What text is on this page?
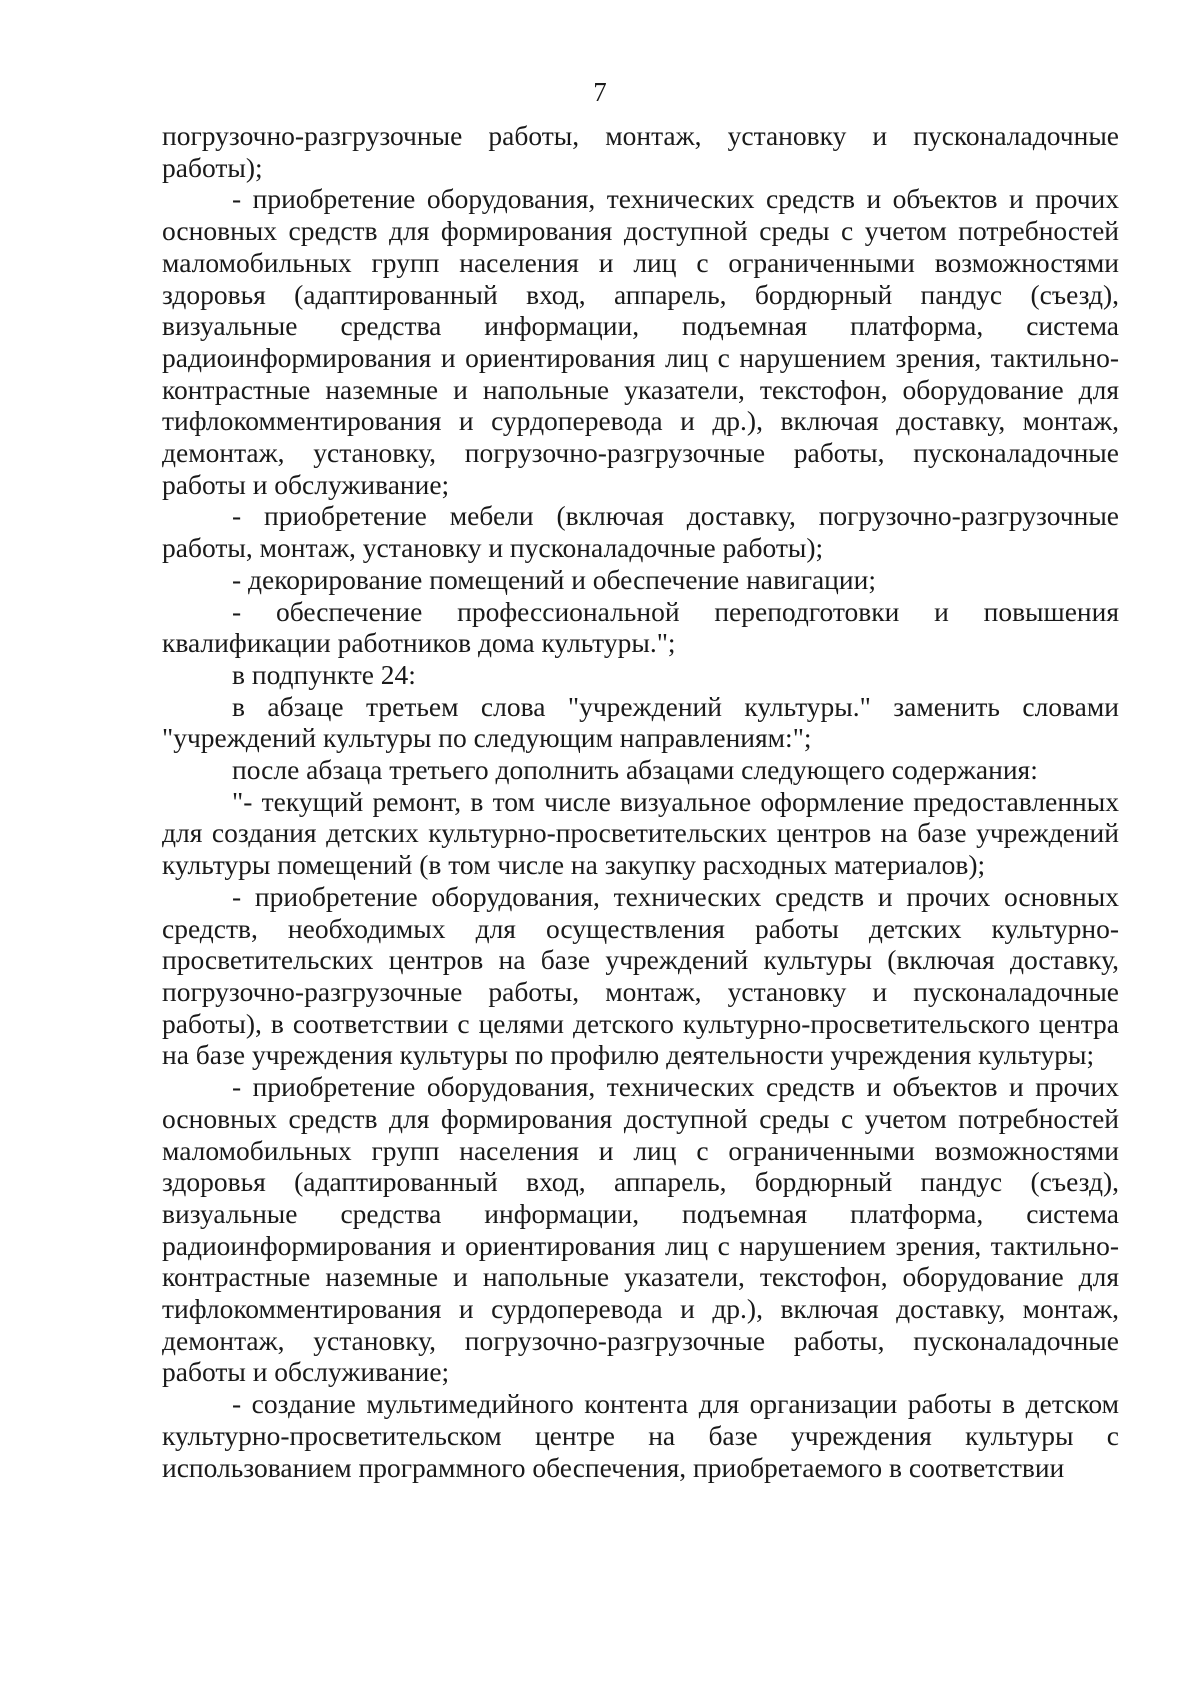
7

погрузочно-разгрузочные работы, монтаж, установку и пусконаладочные работы);

- приобретение оборудования, технических средств и объектов и прочих основных средств для формирования доступной среды с учетом потребностей маломобильных групп населения и лиц с ограниченными возможностями здоровья (адаптированный вход, аппарель, бордюрный пандус (съезд), визуальные средства информации, подъемная платформа, система радиоинформирования и ориентирования лиц с нарушением зрения, тактильно-контрастные наземные и напольные указатели, текстофон, оборудование для тифлокомментирования и сурдоперевода и др.), включая доставку, монтаж, демонтаж, установку, погрузочно-разгрузочные работы, пусконаладочные работы и обслуживание;

- приобретение мебели (включая доставку, погрузочно-разгрузочные работы, монтаж, установку и пусконаладочные работы);

- декорирование помещений и обеспечение навигации;

- обеспечение профессиональной переподготовки и повышения квалификации работников дома культуры.";

в подпункте 24:

в абзаце третьем слова "учреждений культуры." заменить словами "учреждений культуры по следующим направлениям:";

после абзаца третьего дополнить абзацами следующего содержания:

"- текущий ремонт, в том числе визуальное оформление предоставленных для создания детских культурно-просветительских центров на базе учреждений культуры помещений (в том числе на закупку расходных материалов);

- приобретение оборудования, технических средств и прочих основных средств, необходимых для осуществления работы детских культурно-просветительских центров на базе учреждений культуры (включая доставку, погрузочно-разгрузочные работы, монтаж, установку и пусконаладочные работы), в соответствии с целями детского культурно-просветительского центра на базе учреждения культуры по профилю деятельности учреждения культуры;

- приобретение оборудования, технических средств и объектов и прочих основных средств для формирования доступной среды с учетом потребностей маломобильных групп населения и лиц с ограниченными возможностями здоровья (адаптированный вход, аппарель, бордюрный пандус (съезд), визуальные средства информации, подъемная платформа, система радиоинформирования и ориентирования лиц с нарушением зрения, тактильно-контрастные наземные и напольные указатели, текстофон, оборудование для тифлокомментирования и сурдоперевода и др.), включая доставку, монтаж, демонтаж, установку, погрузочно-разгрузочные работы, пусконаладочные работы и обслуживание;

- создание мультимедийного контента для организации работы в детском культурно-просветительском центре на базе учреждения культуры с использованием программного обеспечения, приобретаемого в соответствии
